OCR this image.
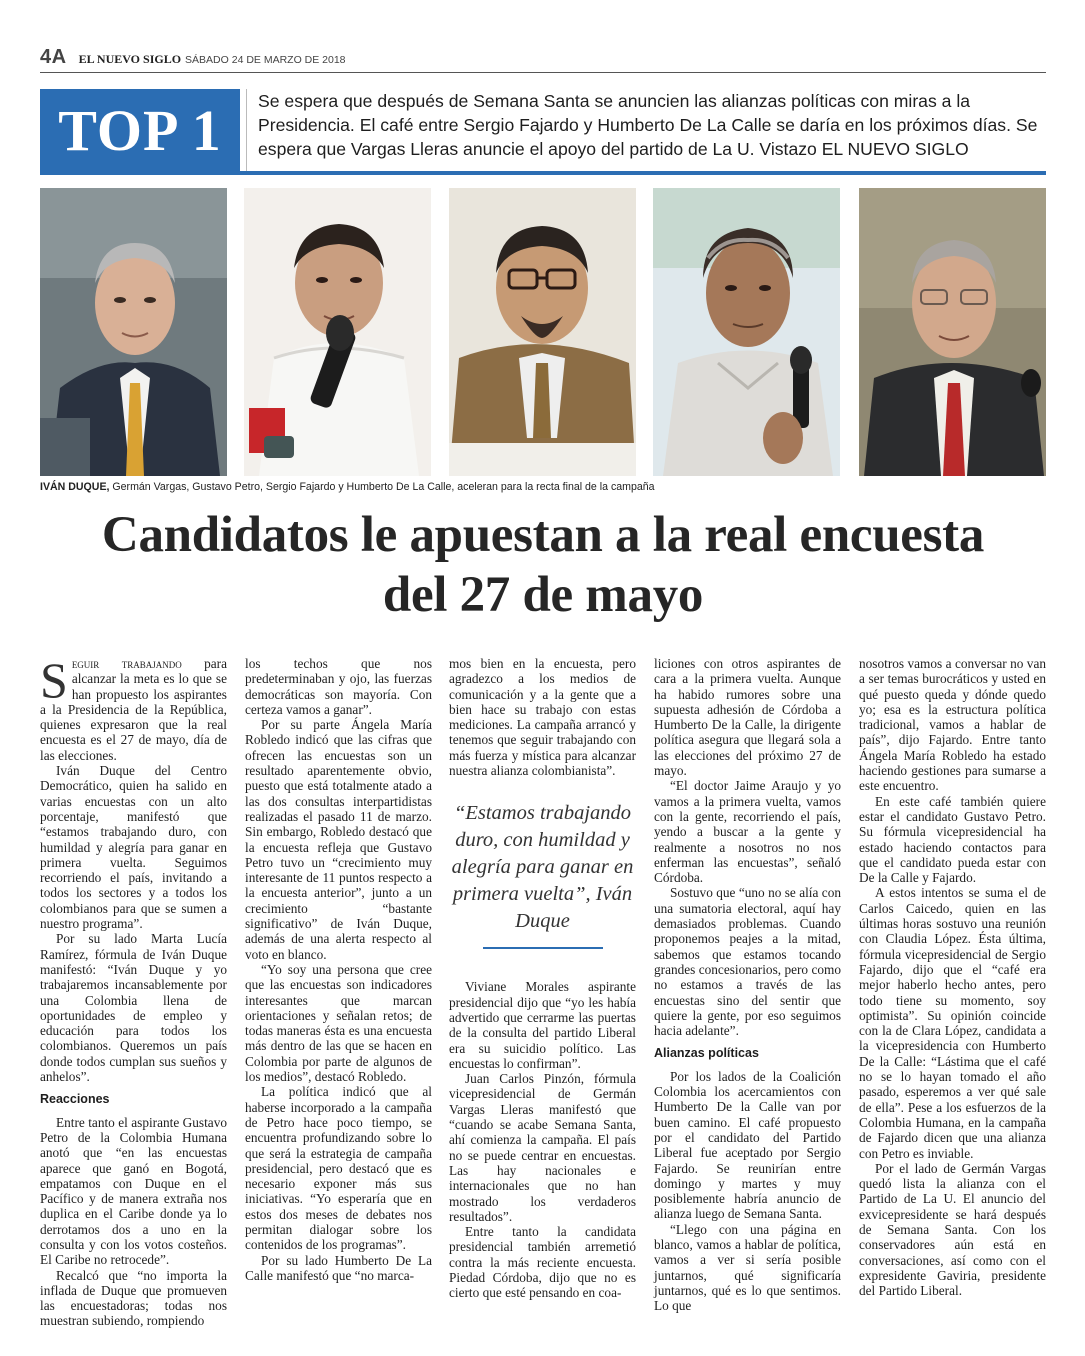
4A EL NUEVO SIGLO SÁBADO 24 DE MARZO DE 2018
TOP 1	Se espera que después de Semana Santa se anuncien las alianzas políticas con miras a la Presidencia. El café entre Sergio Fajardo y Humberto De La Calle se daría en los próximos días. Se espera que Vargas Lleras anuncie el apoyo del partido de La U. Vistazo EL NUEVO SIGLO
IVÁN DUQUE, Germán Vargas, Gustavo Petro, Sergio Fajardo y Humberto De La Calle, aceleran para la recta final de la campaña
Candidatos le apuestan a la real encuesta
del 27 de mayo

Seguir trabajando para alcanzar la meta es lo que se han propuesto los aspirantes a la Presidencia de la República, quienes expresaron que la real encuesta es el 27 de mayo, día de las elecciones.

Iván Duque del Centro Democrático, quien ha salido en varias encuestas con un alto porcentaje, manifestó que “estamos trabajando duro, con humildad y alegría para ganar en primera vuelta. Seguimos recorriendo el país, invitando a todos los sectores y a todos los colombianos para que se sumen a nuestro programa”.

Por su lado Marta Lucía Ramírez, fórmula de Iván Duque manifestó: “Iván Duque y yo trabajaremos incansablemente por una Colombia llena de oportunidades de empleo y educación para todos los colombianos. Queremos un país donde todos cumplan sus sueños y anhelos”.

Reacciones

Entre tanto el aspirante Gustavo Petro de la Colombia Humana anotó que “en las encuestas aparece que ganó en Bogotá, empatamos con Duque en el Pacífico y de manera extraña nos duplica en el Caribe donde ya lo derrotamos dos a uno en la consulta y con los votos costeños. El Caribe no retrocede”.

Recalcó que “no importa la inflada de Duque que promueven las encuestadoras; todas nos muestran subiendo, rompiendo

los techos que nos predeterminaban y ojo, las fuerzas democráticas son mayoría. Con certeza vamos a ganar”.

Por su parte Ángela María Robledo indicó que las cifras que ofrecen las encuestas son un resultado aparentemente obvio, puesto que está totalmente atado a las dos consultas interpartidistas realizadas el pasado 11 de marzo. Sin embargo, Robledo destacó que la encuesta refleja que Gustavo Petro tuvo un “crecimiento muy interesante de 11 puntos respecto a la encuesta anterior”, junto a un crecimiento “bastante significativo” de Iván Duque, además de una alerta respecto al voto en blanco.

“Yo soy una persona que cree que las encuestas son indicadores interesantes que marcan orientaciones y señalan retos; de todas maneras ésta es una encuesta más dentro de las que se hacen en Colombia por parte de algunos de los medios”, destacó Robledo.

La política indicó que al haberse incorporado a la campaña de Petro hace poco tiempo, se encuentra profundizando sobre lo que será la estrategia de campaña presidencial, pero destacó que es necesario exponer más sus iniciativas. “Yo esperaría que en estos dos meses de debates nos permitan dialogar sobre los contenidos de los programas”.

Por su lado Humberto De La Calle manifestó que “no marca-

mos bien en la encuesta, pero agradezco a los medios de comunicación y a la gente que a bien hace su trabajo con estas mediciones. La campaña arrancó y tenemos que seguir trabajando con más fuerza y mística para alcanzar nuestra alianza colombianista”.

“Estamos trabajando duro, con humildad y alegría para ganar en primera vuelta”, Iván Duque

Viviane Morales aspirante presidencial dijo que “yo les había advertido que cerrarme las puertas de la consulta del partido Liberal era su suicidio político. Las encuestas lo confirman”.

Juan Carlos Pinzón, fórmula vicepresidencial de Germán Vargas Lleras manifestó que “cuando se acabe Semana Santa, ahí comienza la campaña. El país no se puede centrar en encuestas. Las hay nacionales e internacionales que no han mostrado los verdaderos resultados”.

Entre tanto la candidata presidencial también arremetió contra la más reciente encuesta. Piedad Córdoba, dijo que no es cierto que esté pensando en coa-

liciones con otros aspirantes de cara a la primera vuelta. Aunque ha habido rumores sobre una supuesta adhesión de Córdoba a Humberto De la Calle, la dirigente política asegura que llegará sola a las elecciones del próximo 27 de mayo.

“El doctor Jaime Araujo y yo vamos a la primera vuelta, vamos con la gente, recorriendo el país, yendo a buscar a la gente y realmente a nosotros no nos enferman las encuestas”, señaló Córdoba.

Sostuvo que “uno no se alía con una sumatoria electoral, aquí hay demasiados problemas. Cuando proponemos peajes a la mitad, sabemos que estamos tocando grandes concesionarios, pero como no estamos a través de las encuestas sino del sentir que quiere la gente, por eso seguimos hacia adelante”.

Alianzas políticas

Por los lados de la Coalición Colombia los acercamientos con Humberto De la Calle van por buen camino. El café propuesto por el candidato del Partido Liberal fue aceptado por Sergio Fajardo. Se reunirían entre domingo y martes y muy posiblemente habría anuncio de alianza luego de Semana Santa.

“Llego con una página en blanco, vamos a hablar de política, vamos a ver si sería posible juntarnos, qué significaría juntarnos, qué es lo que sentimos. Lo que

nosotros vamos a conversar no van a ser temas burocráticos y usted en qué puesto queda y dónde quedo yo; esa es la estructura política tradicional, vamos a hablar de país”, dijo Fajardo. Entre tanto Ángela María Robledo ha estado haciendo gestiones para sumarse a este encuentro.

En este café también quiere estar el candidato Gustavo Petro. Su fórmula vicepresidencial ha estado haciendo contactos para que el candidato pueda estar con De la Calle y Fajardo.

A estos intentos se suma el de Carlos Caicedo, quien en las últimas horas sostuvo una reunión con Claudia López. Ésta última, fórmula vicepresidencial de Sergio Fajardo, dijo que el “café era mejor haberlo hecho antes, pero todo tiene su momento, soy optimista”. Su opinión coincide con la de Clara López, candidata a la vicepresidencia con Humberto De la Calle: “Lástima que el café no se lo hayan tomado el año pasado, esperemos a ver qué sale de ella”. Pese a los esfuerzos de la Colombia Humana, en la campaña de Fajardo dicen que una alianza con Petro es inviable.

Por el lado de Germán Vargas quedó lista la alianza con el Partido de La U. El anuncio del exvicepresidente se hará después de Semana Santa. Con los conservadores aún está en conversaciones, así como con el expresidente Gaviria, presidente del Partido Liberal.
